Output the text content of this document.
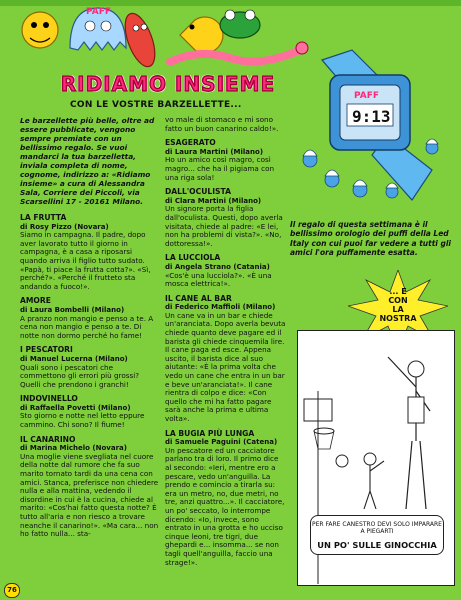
PAFF
RIDIAMO INSIEME
CON LE VOSTRE BARZELLETTE...
Le barzellette più belle, oltre ad essere pubblicate, vengono sempre premiate con un bellissimo regalo. Se vuoi mandarci la tua barzelletta, inviala completa di nome, cognome, indirizzo a: «Ridiamo insieme» a cura di Alessandra Sala, Corriere dei Piccoli, via Scarsellini 17 - 20161 Milano.
LA FRUTTA
di Rosy Pizzo (Novara)
Siamo in campagna. Il padre, dopo aver lavorato tutto il giorno in campagna, è a casa a riposarsi quando arriva il figlio tutto sudato. «Papà, ti piace la frutta cotta?». «Sì, perché?». «Perché il frutteto sta andando a fuoco!».
AMORE
di Laura Bombelli (Milano)
A pranzo non mangio e penso a te. A cena non mangio e penso a te. Di notte non dormo perché ho fame!
I PESCATORI
di Manuel Lucerna (Milano)
Quali sono i pescatori che commettono gli errori più grossi? Quelli che prendono i granchi!
INDOVINELLO
di Raffaella Povetti (Milano)
Sto giorno e notte nel letto eppure cammino. Chi sono? Il fiume!
IL CANARINO
di Marina Michelo (Novara)
Una moglie viene svegliata nel cuore della notte dal rumore che fa suo marito tornato tardi da una cena con amici. Stanca, preferisce non chiedere nulla e alla mattina, vedendo il disordine in cui è la cucina, chiede al marito: «Cos'hai fatto questa notte? È tutto all'aria e non riesco a trovare neanche il canarino!». «Ma cara... non ho fatto nulla... sta-
vo male di stomaco e mi sono fatto un buon canarino caldo!».
ESAGERATO
di Laura Martini (Milano)
Ho un amico così magro, così magro... che ha il pigiama con una riga sola!
DALL'OCULISTA
di Clara Martini (Milano)
Un signore porta la figlia dall'oculista. Questi, dopo averla visitata, chiede al padre: «E lei, non ha problemi di vista?». «No, dottoressa!».
LA LUCCIOLA
di Angela Strano (Catania)
«Cos'è una lucciola?». «È una mosca elettrica!».
IL CANE AL BAR
di Federico Maffioli (Milano)
Un cane va in un bar e chiede un'aranciata. Dopo averla bevuta chiede quanto deve pagare ed il barista gli chiede cinquemila lire. Il cane paga ed esce. Appena uscito, il barista dice al suo aiutante: «È la prima volta che vedo un cane che entra in un bar e beve un'aranciata!». Il cane rientra di colpo e dice: «Con quello che mi ha fatto pagare sarà anche la prima e ultima volta».
LA BUGIA PIÙ LUNGA
di Samuele Paguini (Catena)
Un pescatore ed un cacciatore parlano tra di loro. Il primo dice al secondo: «Ieri, mentre ero a pescare, vedo un'anguilla. La prendo e comincio a tirarla su: era un metro, no, due metri, no tre, anzi quattro...». Il cacciatore, un po' seccato, lo interrompe dicendo: «Io, invece, sono entrato in una grotta e ho ucciso cinque leoni, tre tigri, due ghepardi e... insomma... se non tagli quell'anguilla, faccio una strage!».
PAFF
9:13
Il regalo di questa settimana è il bellissimo orologio dei puffi della Led Italy con cui puoi far vedere a tutti gli amici l'ora puffamente esatta.
... E
CON
LA
NOSTRA
PER FARE CANESTRO DEVI SOLO IMPARARE A PIEGARTI
UN PO' SULLE GINOCCHIA
76
